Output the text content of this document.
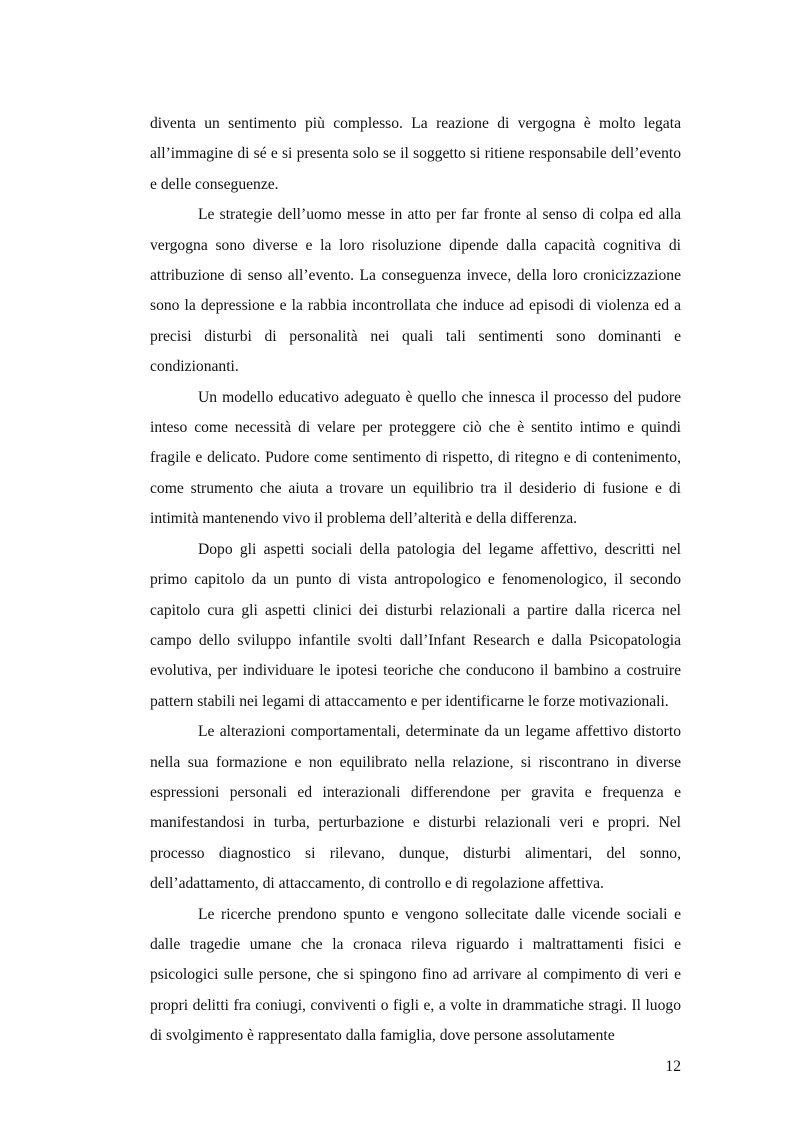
diventa un sentimento più complesso. La reazione di vergogna è molto legata all’immagine di sé e si presenta solo se il soggetto si ritiene responsabile dell’evento e delle conseguenze.

Le strategie dell’uomo messe in atto per far fronte al senso di colpa ed alla vergogna sono diverse e la loro risoluzione dipende dalla capacità cognitiva di attribuzione di senso all’evento. La conseguenza invece, della loro cronicizzazione sono la depressione e la rabbia incontrollata che induce ad episodi di violenza ed a precisi disturbi di personalità nei quali tali sentimenti sono dominanti e condizionanti.

Un modello educativo adeguato è quello che innesca il processo del pudore inteso come necessità di velare per proteggere ciò che è sentito intimo e quindi fragile e delicato. Pudore come sentimento di rispetto, di ritegno e di contenimento, come strumento che aiuta a trovare un equilibrio tra il desiderio di fusione e di intimità mantenendo vivo il problema dell’alterità e della differenza.

Dopo gli aspetti sociali della patologia del legame affettivo, descritti nel primo capitolo da un punto di vista antropologico e fenomenologico, il secondo capitolo cura gli aspetti clinici dei disturbi relazionali a partire dalla ricerca nel campo dello sviluppo infantile svolti dall’Infant Research e dalla Psicopatologia evolutiva, per individuare le ipotesi teoriche che conducono il bambino a costruire pattern stabili nei legami di attaccamento e per identificarne le forze motivazionali.

Le alterazioni comportamentali, determinate da un legame affettivo distorto nella sua formazione e non equilibrato nella relazione, si riscontrano in diverse espressioni personali ed interazionali differendone per gravita e frequenza e manifestandosi in turba, perturbazione e disturbi relazionali veri e propri. Nel processo diagnostico si rilevano, dunque, disturbi alimentari, del sonno, dell’adattamento, di attaccamento, di controllo e di regolazione affettiva.

Le ricerche prendono spunto e vengono sollecitate dalle vicende sociali e dalle tragedie umane che la cronaca rileva riguardo i maltrattamenti fisici e psicologici sulle persone, che si spingono fino ad arrivare al compimento di veri e propri delitti fra coniugi, conviventi o figli e, a volte in drammatiche stragi. Il luogo di svolgimento è rappresentato dalla famiglia, dove persone assolutamente

12
